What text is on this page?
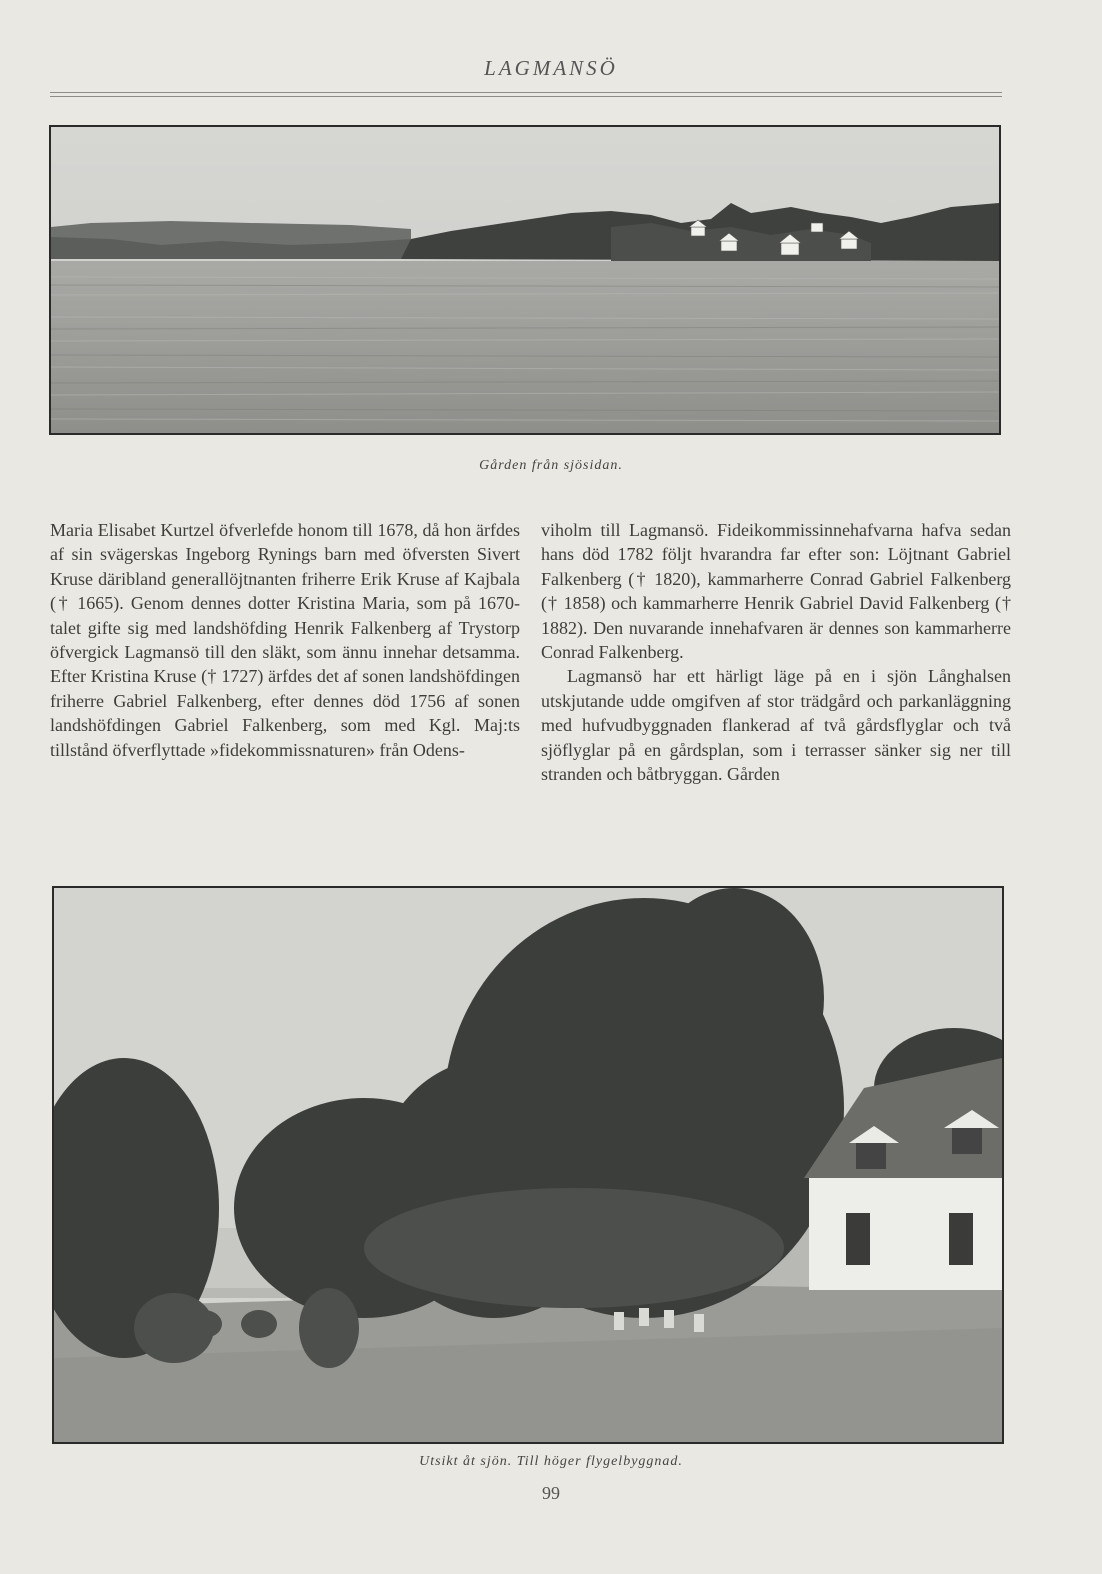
LAGMANSÖ
Gården från sjösidan.

Maria Elisabet Kurtzel öfverlefde honom till 1678, då hon ärfdes af sin svägerskas Ingeborg Rynings barn med öfversten Sivert Kruse däribland generallöjtnanten friherre Erik Kruse af Kajbala († 1665). Genom dennes dotter Kristina Maria, som på 1670-talet gifte sig med landshöfding Henrik Falkenberg af Trystorp öfvergick Lagmansö till den släkt, som ännu innehar detsamma. Efter Kristina Kruse († 1727) ärfdes det af sonen landshöfdingen friherre Gabriel Falkenberg, efter dennes död 1756 af sonen landshöfdingen Gabriel Falkenberg, som med Kgl. Maj:ts tillstånd öfverflyttade »fidekommissnaturen» från Odens-

viholm till Lagmansö. Fideikommissinnehafvarna hafva sedan hans död 1782 följt hvarandra far efter son: Löjtnant Gabriel Falkenberg († 1820), kammarherre Conrad Gabriel Falkenberg († 1858) och kammarherre Henrik Gabriel David Falkenberg († 1882). Den nuvarande innehafvaren är dennes son kammarherre Conrad Falkenberg.

Lagmansö har ett härligt läge på en i sjön Långhalsen utskjutande udde omgifven af stor trädgård och parkanläggning med hufvudbyggnaden flankerad af två gårdsflyglar och två sjöflyglar på en gårdsplan, som i terrasser sänker sig ner till stranden och båtbryggan. Gården

Utsikt åt sjön. Till höger flygelbyggnad.
99
